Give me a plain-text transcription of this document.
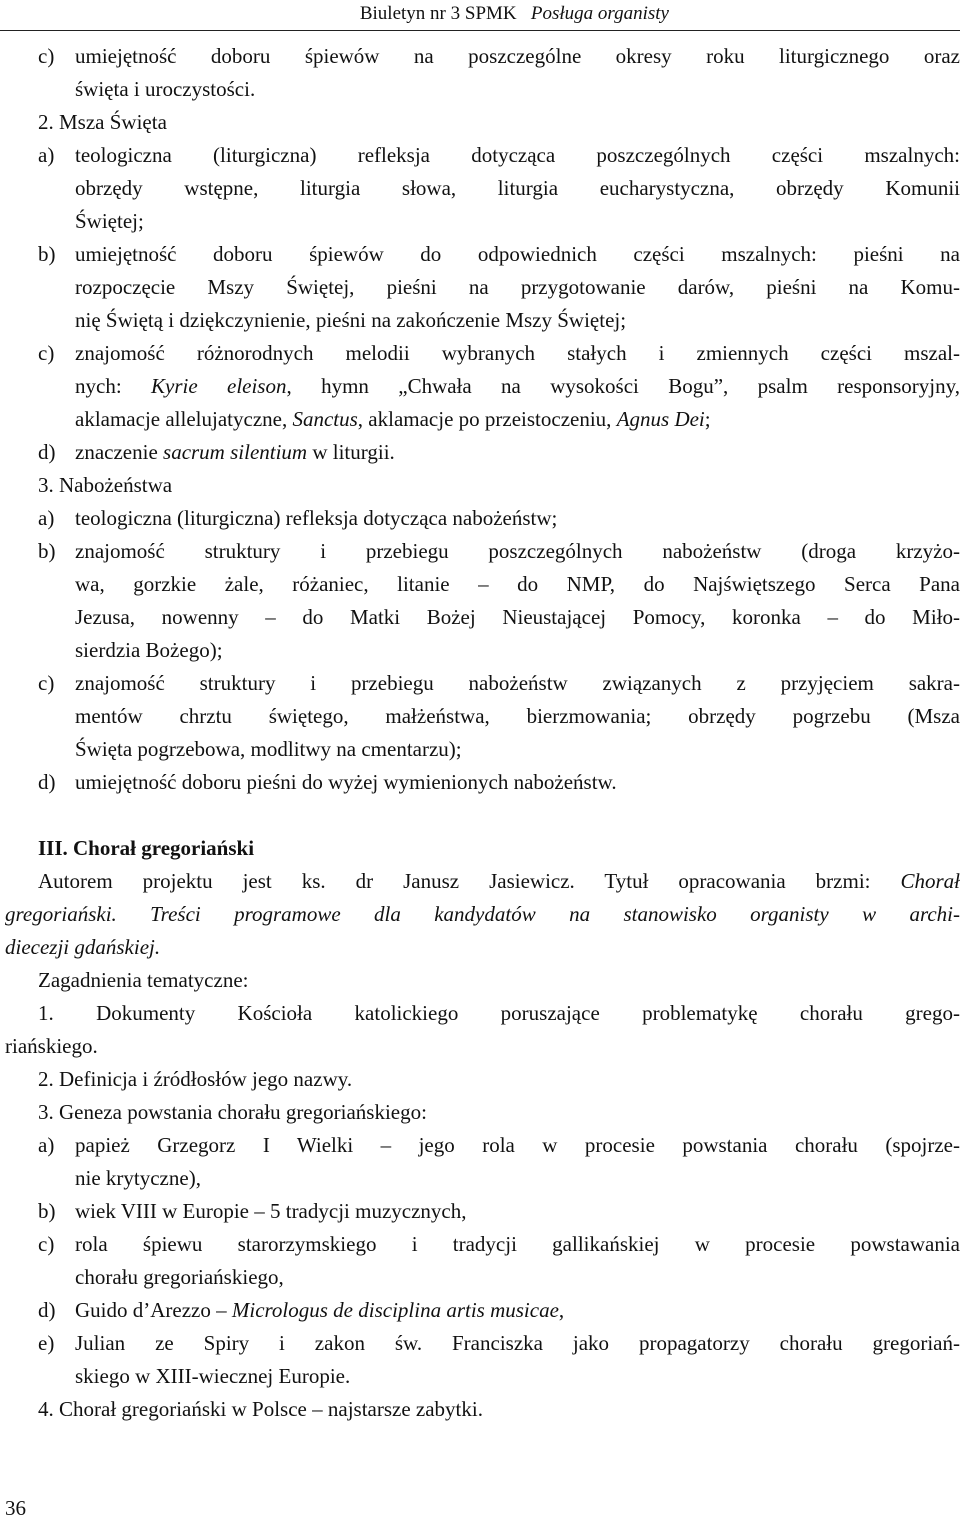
Biuletyn nr 3 SPMK Posługa organisty
c) umiejętność doboru śpiewów na poszczególne okresy roku liturgicznego oraz
święta i uroczystości.
2. Msza Święta
a) teologiczna (liturgiczna) refleksja dotycząca poszczególnych części mszalnych:
obrzędy wstępne, liturgia słowa, liturgia eucharystyczna, obrzędy Komunii
Świętej;
b) umiejętność doboru śpiewów do odpowiednich części mszalnych: pieśni na
rozpoczęcie Mszy Świętej, pieśni na przygotowanie darów, pieśni na Komu-
nię Świętą i dziękczynienie, pieśni na zakończenie Mszy Świętej;
c) znajomość różnorodnych melodii wybranych stałych i zmiennych części mszal-
nych: Kyrie eleison, hymn „Chwała na wysokości Bogu”, psalm responsoryjny,
aklamacje allelujatyczne, Sanctus, aklamacje po przeistoczeniu, Agnus Dei;
d) znaczenie sacrum silentium w liturgii.
3. Nabożeństwa
a) teologiczna (liturgiczna) refleksja dotycząca nabożeństw;
b) znajomość struktury i przebiegu poszczególnych nabożeństw (droga krzyżo-
wa, gorzkie żale, różaniec, litanie – do NMP, do Najświętszego Serca Pana
Jezusa, nowenny – do Matki Bożej Nieustającej Pomocy, koronka – do Miło-
sierdzia Bożego);
c) znajomość struktury i przebiegu nabożeństw związanych z przyjęciem sakra-
mentów chrztu świętego, małżeństwa, bierzmowania; obrzędy pogrzebu (Msza
Święta pogrzebowa, modlitwy na cmentarzu);
d) umiejętność doboru pieśni do wyżej wymienionych nabożeństw.
III. Chorał gregoriański
Autorem projektu jest ks. dr Janusz Jasiewicz. Tytuł opracowania brzmi: Chorał
gregoriański. Treści programowe dla kandydatów na stanowisko organisty w archi-
diecezji gdańskiej.
Zagadnienia tematyczne:
1. Dokumenty Kościoła katolickiego poruszające problematykę chorału grego-
riańskiego.
2. Definicja i źródłosłów jego nazwy.
3. Geneza powstania chorału gregoriańskiego:
a) papież Grzegorz I Wielki – jego rola w procesie powstania chorału (spojrze-
nie krytyczne),
b) wiek VIII w Europie – 5 tradycji muzycznych,
c) rola śpiewu starorzymskiego i tradycji gallikańskiej w procesie powstawania
chorału gregoriańskiego,
d) Guido d’Arezzo – Micrologus de disciplina artis musicae,
e) Julian ze Spiry i zakon św. Franciszka jako propagatorzy chorału gregoriań-
skiego w XIII-wiecznej Europie.
4. Chorał gregoriański w Polsce – najstarsze zabytki.
36
